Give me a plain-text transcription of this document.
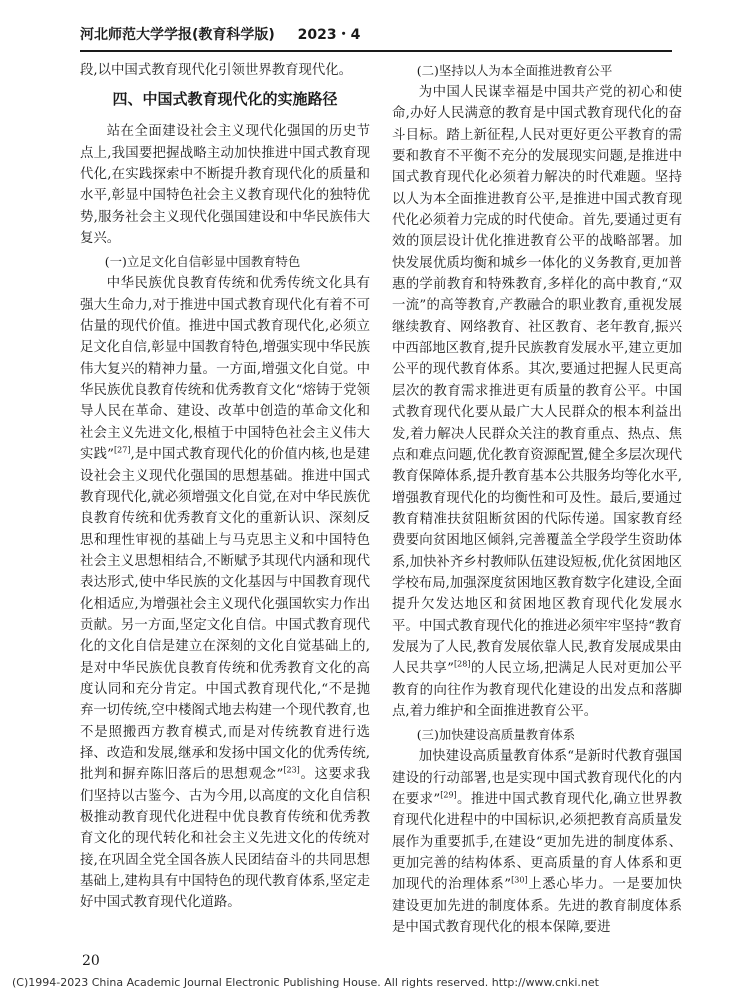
河北师范大学学报(教育科学版) 2023・4

段,以中国式教育现代化引领世界教育现代化。

四、中国式教育现代化的实施路径

站在全面建设社会主义现代化强国的历史节点上,我国要把握战略主动加快推进中国式教育现代化,在实践探索中不断提升教育现代化的质量和水平,彰显中国特色社会主义教育现代化的独特优势,服务社会主义现代化强国建设和中华民族伟大复兴。

(一)立足文化自信彰显中国教育特色

中华民族优良教育传统和优秀传统文化具有强大生命力,对于推进中国式教育现代化有着不可估量的现代价值。推进中国式教育现代化,必须立足文化自信,彰显中国教育特色,增强实现中华民族伟大复兴的精神力量。一方面,增强文化自觉。中华民族优良教育传统和优秀教育文化“熔铸于党领导人民在革命、建设、改革中创造的革命文化和社会主义先进文化,根植于中国特色社会主义伟大实践”[27],是中国式教育现代化的价值内核,也是建设社会主义现代化强国的思想基础。推进中国式教育现代化,就必须增强文化自觉,在对中华民族优良教育传统和优秀教育文化的重新认识、深刻反思和理性审视的基础上与马克思主义和中国特色社会主义思想相结合,不断赋予其现代内涵和现代表达形式,使中华民族的文化基因与中国教育现代化相适应,为增强社会主义现代化强国软实力作出贡献。另一方面,坚定文化自信。中国式教育现代化的文化自信是建立在深刻的文化自觉基础上的,是对中华民族优良教育传统和优秀教育文化的高度认同和充分肯定。中国式教育现代化,“不是抛弃一切传统,空中楼阁式地去构建一个现代教育,也不是照搬西方教育模式,而是对传统教育进行选择、改造和发展,继承和发扬中国文化的优秀传统,批判和摒弃陈旧落后的思想观念”[23]。这要求我们坚持以古鉴今、古为今用,以高度的文化自信积极推动教育现代化进程中优良教育传统和优秀教育文化的现代转化和社会主义先进文化的传统对接,在巩固全党全国各族人民团结奋斗的共同思想基础上,建构具有中国特色的现代教育体系,坚定走好中国式教育现代化道路。

(二)坚持以人为本全面推进教育公平

为中国人民谋幸福是中国共产党的初心和使命,办好人民满意的教育是中国式教育现代化的奋斗目标。踏上新征程,人民对更好更公平教育的需要和教育不平衡不充分的发展现实问题,是推进中国式教育现代化必须着力解决的时代难题。坚持以人为本全面推进教育公平,是推进中国式教育现代化必须着力完成的时代使命。首先,要通过更有效的顶层设计优化推进教育公平的战略部署。加快发展优质均衡和城乡一体化的义务教育,更加普惠的学前教育和特殊教育,多样化的高中教育,“双一流”的高等教育,产教融合的职业教育,重视发展继续教育、网络教育、社区教育、老年教育,振兴中西部地区教育,提升民族教育发展水平,建立更加公平的现代教育体系。其次,要通过把握人民更高层次的教育需求推进更有质量的教育公平。中国式教育现代化要从最广大人民群众的根本利益出发,着力解决人民群众关注的教育重点、热点、焦点和难点问题,优化教育资源配置,健全多层次现代教育保障体系,提升教育基本公共服务均等化水平,增强教育现代化的均衡性和可及性。最后,要通过教育精准扶贫阻断贫困的代际传递。国家教育经费要向贫困地区倾斜,完善覆盖全学段学生资助体系,加快补齐乡村教师队伍建设短板,优化贫困地区学校布局,加强深度贫困地区教育数字化建设,全面提升欠发达地区和贫困地区教育现代化发展水平。中国式教育现代化的推进必须牢牢坚持“教育发展为了人民,教育发展依靠人民,教育发展成果由人民共享”[28]的人民立场,把满足人民对更加公平教育的向往作为教育现代化建设的出发点和落脚点,着力维护和全面推进教育公平。

(三)加快建设高质量教育体系

加快建设高质量教育体系“是新时代教育强国建设的行动部署,也是实现中国式教育现代化的内在要求”[29]。推进中国式教育现代化,确立世界教育现代化进程中的中国标识,必须把教育高质量发展作为重要抓手,在建设“更加先进的制度体系、更加完善的结构体系、更高质量的育人体系和更加现代的治理体系”[30]上悉心毕力。一是要加快建设更加先进的制度体系。先进的教育制度体系是中国式教育现代化的根本保障,要进

20
(C)1994-2023 China Academic Journal Electronic Publishing House. All rights reserved. http://www.cnki.net
